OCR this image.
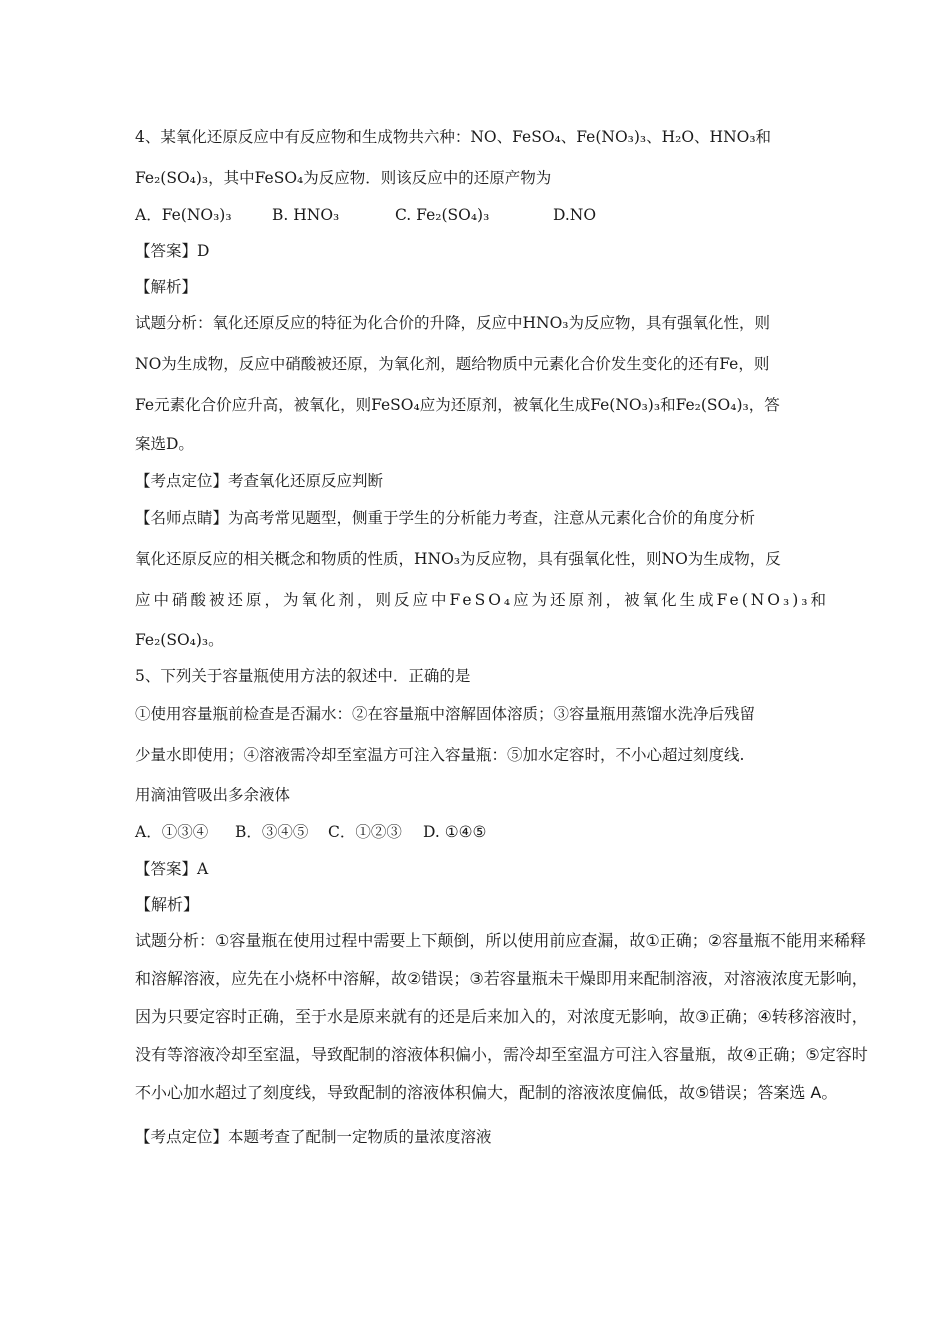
4、某氧化还原反应中有反应物和生成物共六种：NO、FeSO₄、Fe(NO₃)₃、H₂O、HNO₃和
Fe₂(SO₄)₃，其中FeSO₄为反应物．则该反应中的还原产物为
A．Fe(NO₃)₃	B. HNO₃	C. Fe₂(SO₄)₃	D.NO
【答案】D
【解析】
试题分析：氧化还原反应的特征为化合价的升降，反应中HNO₃为反应物，具有强氧化性，则
NO为生成物，反应中硝酸被还原，为氧化剂，题给物质中元素化合价发生变化的还有Fe，则
Fe元素化合价应升高，被氧化，则FeSO₄应为还原剂，被氧化生成Fe(NO₃)₃和Fe₂(SO₄)₃，答
案选D。
【考点定位】考查氧化还原反应判断
【名师点睛】为高考常见题型，侧重于学生的分析能力考查，注意从元素化合价的角度分析
氧化还原反应的相关概念和物质的性质，HNO₃为反应物，具有强氧化性，则NO为生成物，反
应中硝酸被还原，为氧化剂，则反应中FeSO₄应为还原剂，被氧化生成Fe(NO₃)₃和
Fe₂(SO₄)₃。
5、下列关于容量瓶使用方法的叙述中．正确的是
①使用容量瓶前检查是否漏水：②在容量瓶中溶解固体溶质；③容量瓶用蒸馏水洗净后残留
少量水即使用；④溶液需冷却至室温方可注入容量瓶：⑤加水定容时，不小心超过刻度线.
用滴油管吸出多余液体
A．①③④ B．③④⑤ C．①②③ D. ①④⑤
【答案】A
【解析】
试题分析：①容量瓶在使用过程中需要上下颠倒，所以使用前应查漏，故①正确；②容量瓶不能用来稀释
和溶解溶液，应先在小烧杯中溶解，故②错误；③若容量瓶未干燥即用来配制溶液，对溶液浓度无影响，
因为只要定容时正确，至于水是原来就有的还是后来加入的，对浓度无影响，故③正确；④转移溶液时，
没有等溶液冷却至室温，导致配制的溶液体积偏小，需冷却至室温方可注入容量瓶，故④正确；⑤定容时
不小心加水超过了刻度线，导致配制的溶液体积偏大，配制的溶液浓度偏低，故⑤错误；答案选 A。
【考点定位】本题考查了配制一定物质的量浓度溶液
